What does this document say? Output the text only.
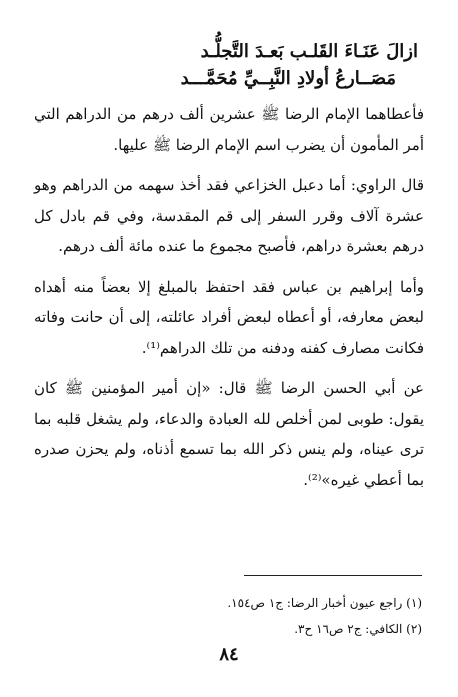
ازالَ عَنَـاءَ القَلـب بَعـدَ التَّجلُّـد
مَصَــارعُ أولادِ النَّبِــيِّ مُحَمَّـــد

فأعطاهما الإمام الرضا ﷺ عشرين ألف درهم من الدراهم التي أمر المأمون أن يضرب اسم الإمام الرضا ﷺ عليها.

قال الراوي: أما دعبل الخزاعي فقد أخذ سهمه من الدراهم وهو عشرة آلاف وقرر السفر إلى قم المقدسة، وفي قم بادل كل درهم بعشرة دراهم، فأصبح مجموع ما عنده مائة ألف درهم.

وأما إبراهيم بن عباس فقد احتفظ بالمبلغ إلا بعضاً منه أهداه لبعض معارفه، أو أعطاه لبعض أفراد عائلته، إلى أن حانت وفاته فكانت مصارف كفنه ودفنه من تلك الدراهم⁽¹⁾.

عن أبي الحسن الرضا ﷺ قال: «إن أمير المؤمنين ﷺ كان يقول: طوبى لمن أخلص لله العبادة والدعاء، ولم يشغل قلبه بما ترى عيناه، ولم ينس ذكر الله بما تسمع أذناه، ولم يحزن صدره بما أعطي غيره»⁽²⁾.

(١) راجع عيون أخبار الرضا: ج١ ص١٥٤.
(٢) الكافي: ج٢ ص١٦ ح٣.
٨٤
